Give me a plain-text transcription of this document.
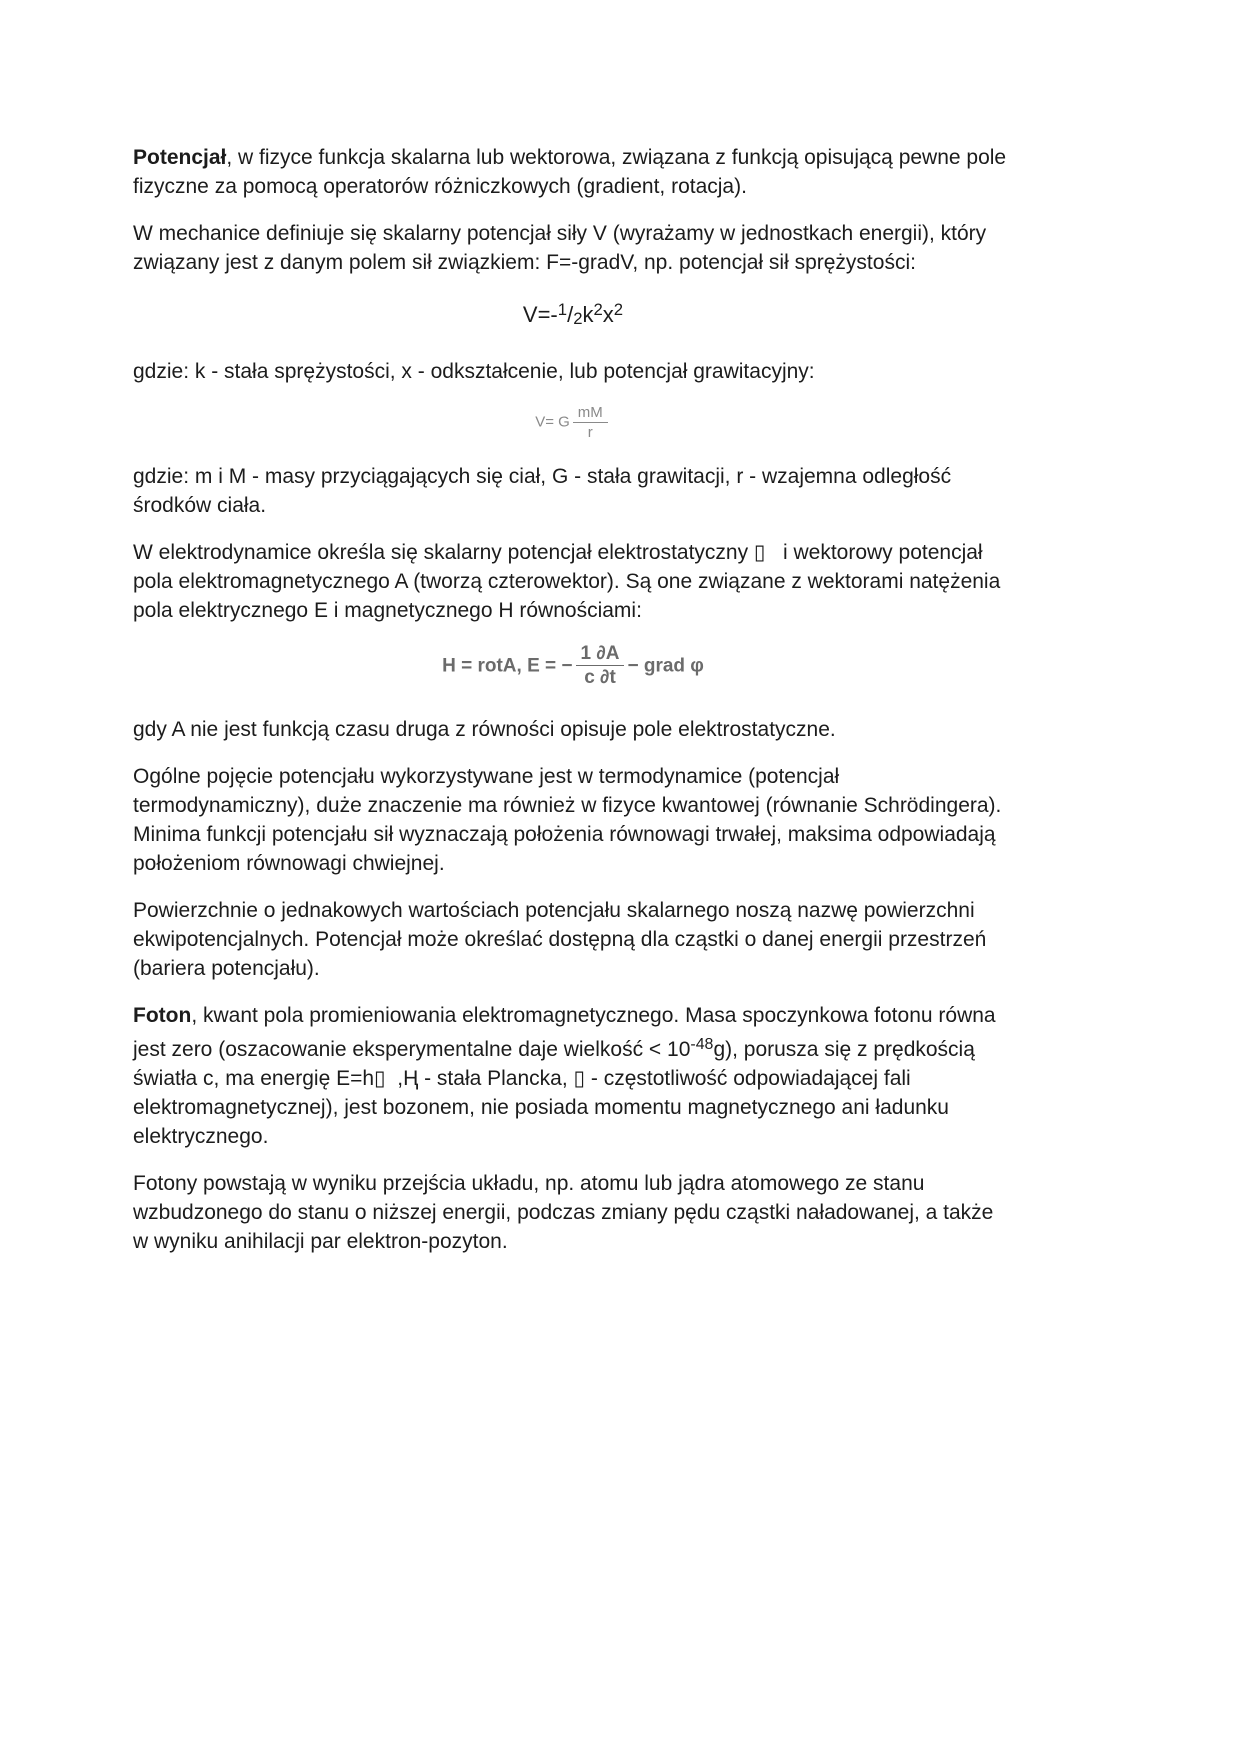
Potencjał, w fizyce funkcja skalarna lub wektorowa, związana z funkcją opisującą pewne pole fizyczne za pomocą operatorów różniczkowych (gradient, rotacja).

W mechanice definiuje się skalarny potencjał siły V (wyrażamy w jednostkach energii), który związany jest z danym polem sił związkiem: F=-gradV, np. potencjał sił sprężystości:

$V=-^1/2k^2x^2$

gdzie: k - stała sprężystości, x - odkształcenie, lub potencjał grawitacyjny:

V= G $\frac{mM}{r}$

gdzie: m i M - masy przyciągających się ciał, G - stała grawitacji, r - wzajemna odległość środków ciała.

W elektrodynamice określa się skalarny potencjał elektrostatyczny ▯   i wektorowy potencjał pola elektromagnetycznego A (tworzą czterowektor). Są one związane z wektorami natężenia pola elektrycznego E i magnetycznego H równościami:

H = rotA, E = − $\frac{1 \partial A}{c \partial t}$ − grad φ

gdy A nie jest funkcją czasu druga z równości opisuje pole elektrostatyczne.

Ogólne pojęcie potencjału wykorzystywane jest w termodynamice (potencjał termodynamiczny), duże znaczenie ma również w fizyce kwantowej (równanie Schrödingera). Minima funkcji potencjału sił wyznaczają położenia równowagi trwałej, maksima odpowiadają położeniom równowagi chwiejnej.

Powierzchnie o jednakowych wartościach potencjału skalarnego noszą nazwę powierzchni ekwipotencjalnych. Potencjał może określać dostępną dla cząstki o danej energii przestrzeń (bariera potencjału).

Foton, kwant pola promieniowania elektromagnetycznego. Masa spoczynkowa fotonu równa jest zero (oszacowanie eksperymentalne daje wielkość < $10^{-48}g$), porusza się z prędkością światła c, ma energię E=h▯  ,Ⱨ - stała Plancka, ▯ - częstotliwość odpowiadającej fali elektromagnetycznej), jest bozonem, nie posiada momentu magnetycznego ani ładunku elektrycznego.

Fotony powstają w wyniku przejścia układu, np. atomu lub jądra atomowego ze stanu wzbudzonego do stanu o niższej energii, podczas zmiany pędu cząstki naładowanej, a także w wyniku anihilacji par elektron-pozyton.
